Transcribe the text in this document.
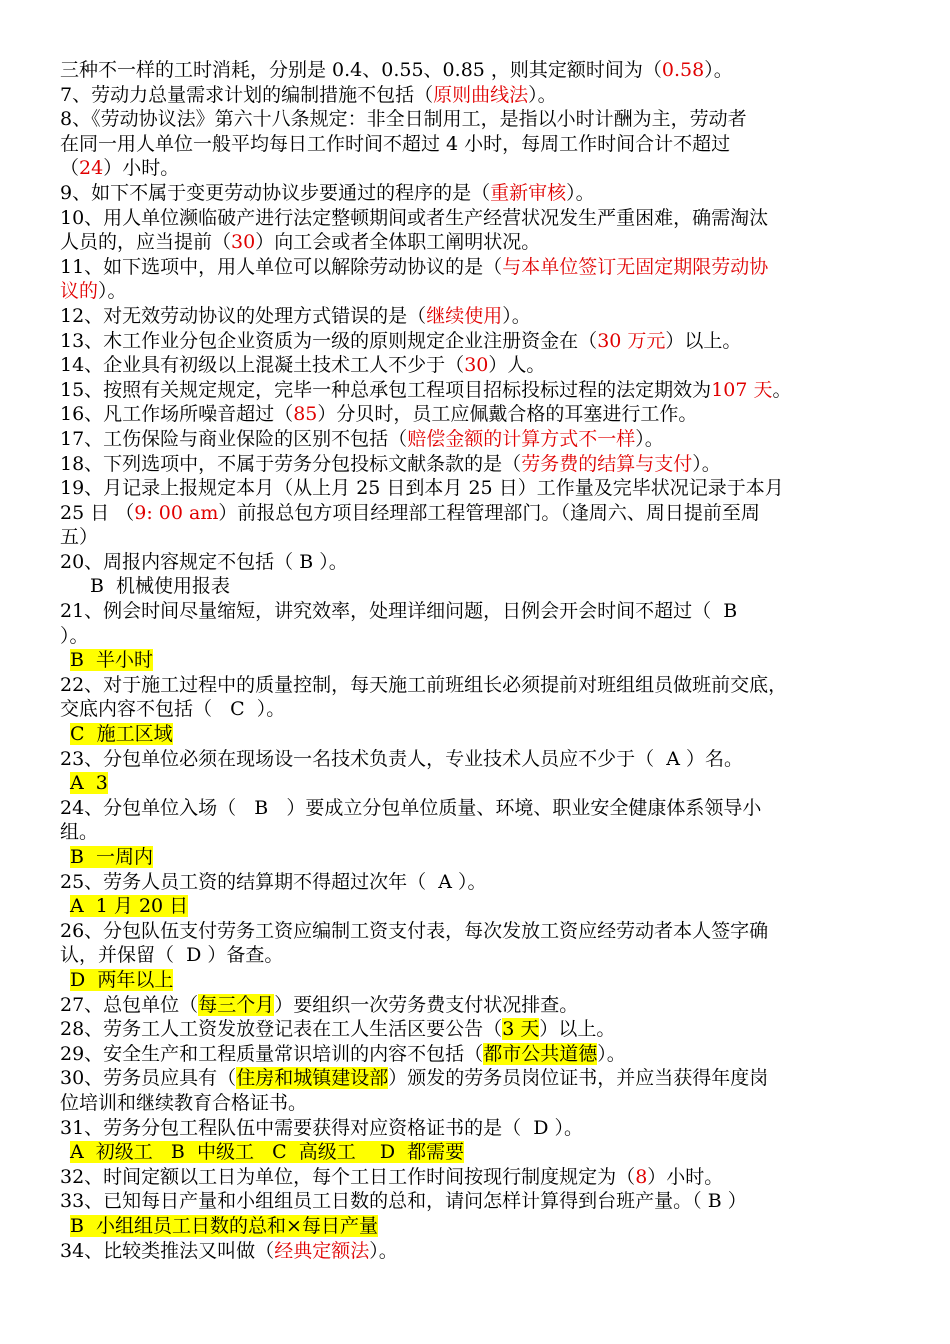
三种不一样的工时消耗，分别是 0.4、0.55、0.85 ，则其定额时间为（0.58）。
7、劳动力总量需求计划的编制措施不包括（原则曲线法）。
8、《劳动协议法》第六十八条规定：非全日制用工，是指以小时计酬为主，劳动者
在同一用人单位一般平均每日工作时间不超过 4 小时，每周工作时间合计不超过
（24）小时。
9、如下不属于变更劳动协议步要通过的程序的是（重新审核）。
10、用人单位濒临破产进行法定整顿期间或者生产经营状况发生严重困难，确需淘汰
人员的，应当提前（30）向工会或者全体职工阐明状况。
11、如下选项中，用人单位可以解除劳动协议的是（与本单位签订无固定期限劳动协
议的）。
12、对无效劳动协议的处理方式错误的是（继续使用）。
13、木工作业分包企业资质为一级的原则规定企业注册资金在（30 万元）以上。
14、企业具有初级以上混凝土技术工人不少于（30）人。
15、按照有关规定规定，完毕一种总承包工程项目招标投标过程的法定期效为107 天。
16、凡工作场所噪音超过（85）分贝时，员工应佩戴合格的耳塞进行工作。
17、工伤保险与商业保险的区别不包括（赔偿金额的计算方式不一样）。
18、下列选项中，不属于劳务分包投标文献条款的是（劳务费的结算与支付）。
19、月记录上报规定本月（从上月 25 日到本月 25 日）工作量及完毕状况记录于本月
25 日 （9: 00 am）前报总包方项目经理部工程管理部门。（逢周六、周日提前至周
五）
20、周报内容规定不包括（ B ）。
B  机械使用报表
21、例会时间尽量缩短，讲究效率，处理详细问题，日例会开会时间不超过（  B
）。
B  半小时
22、对于施工过程中的质量控制，每天施工前班组长必须提前对班组组员做班前交底，
交底内容不包括（   C  ）。
C  施工区域
23、分包单位必须在现场设一名技术负责人，专业技术人员应不少于（  A ）名。
A  3
24、分包单位入场（   B   ）要成立分包单位质量、环境、职业安全健康体系领导小
组。
B  一周内
25、劳务人员工资的结算期不得超过次年（  A ）。
A  1 月 20 日
26、分包队伍支付劳务工资应编制工资支付表，每次发放工资应经劳动者本人签字确
认，并保留（  D ）备查。
D  两年以上
27、总包单位（每三个月）要组织一次劳务费支付状况排查。
28、劳务工人工资发放登记表在工人生活区要公告（3 天）以上。
29、安全生产和工程质量常识培训的内容不包括（都市公共道德）。
30、劳务员应具有（住房和城镇建设部）颁发的劳务员岗位证书，并应当获得年度岗
位培训和继续教育合格证书。
31、劳务分包工程队伍中需要获得对应资格证书的是（  D ）。
A  初级工   B  中级工   C  高级工    D  都需要
32、时间定额以工日为单位，每个工日工作时间按现行制度规定为（8）小时。
33、已知每日产量和小组组员工日数的总和，请问怎样计算得到台班产量。（ B ）
B  小组组员工日数的总和×每日产量
34、比较类推法又叫做（经典定额法）。
